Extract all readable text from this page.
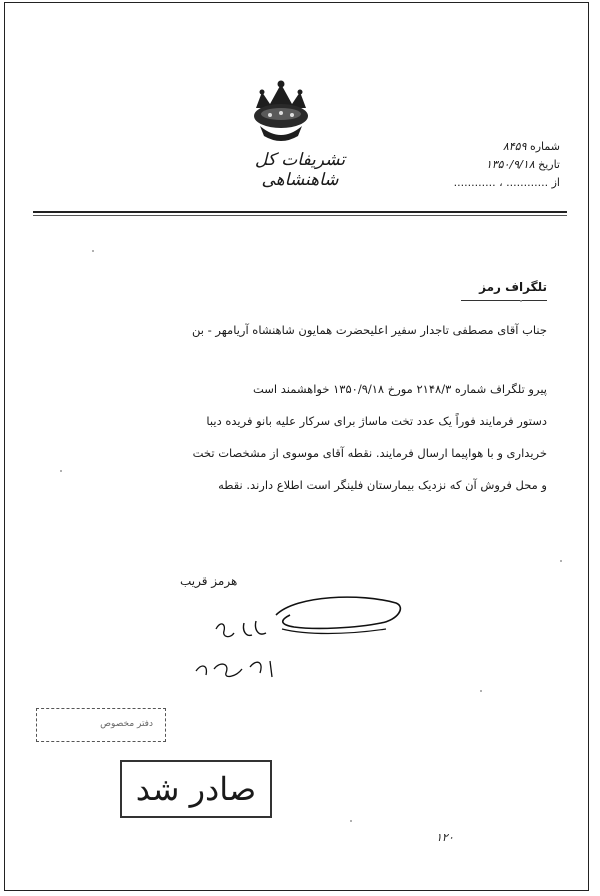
تشریفات کل شاهنشاهی
شماره ۸۴۵۹
تاریخ ۱۳۵۰/۹/۱۸
از ............ ، ............
تلگراف رمز
جناب آقای مصطفی تاجدار سفیر اعلیحضرت همایون شاهنشاه آریامهر - بن
پیرو تلگراف شماره ۲۱۴۸/۳ مورخ ۱۳۵۰/۹/۱۸ خواهشمند است
دستور فرمایند فوراً یک عدد تخت ماساژ برای سرکار علیه بانو فریده دیبا
خریداری و با هواپیما ارسال فرمایند. نقطه آقای موسوی از مشخصات تخت
و محل فروش آن که نزدیک بیمارستان فلینگر است اطلاع دارند. نقطه
هرمز قریب
دفتر مخصوص
صادر شد
۱۲۰
